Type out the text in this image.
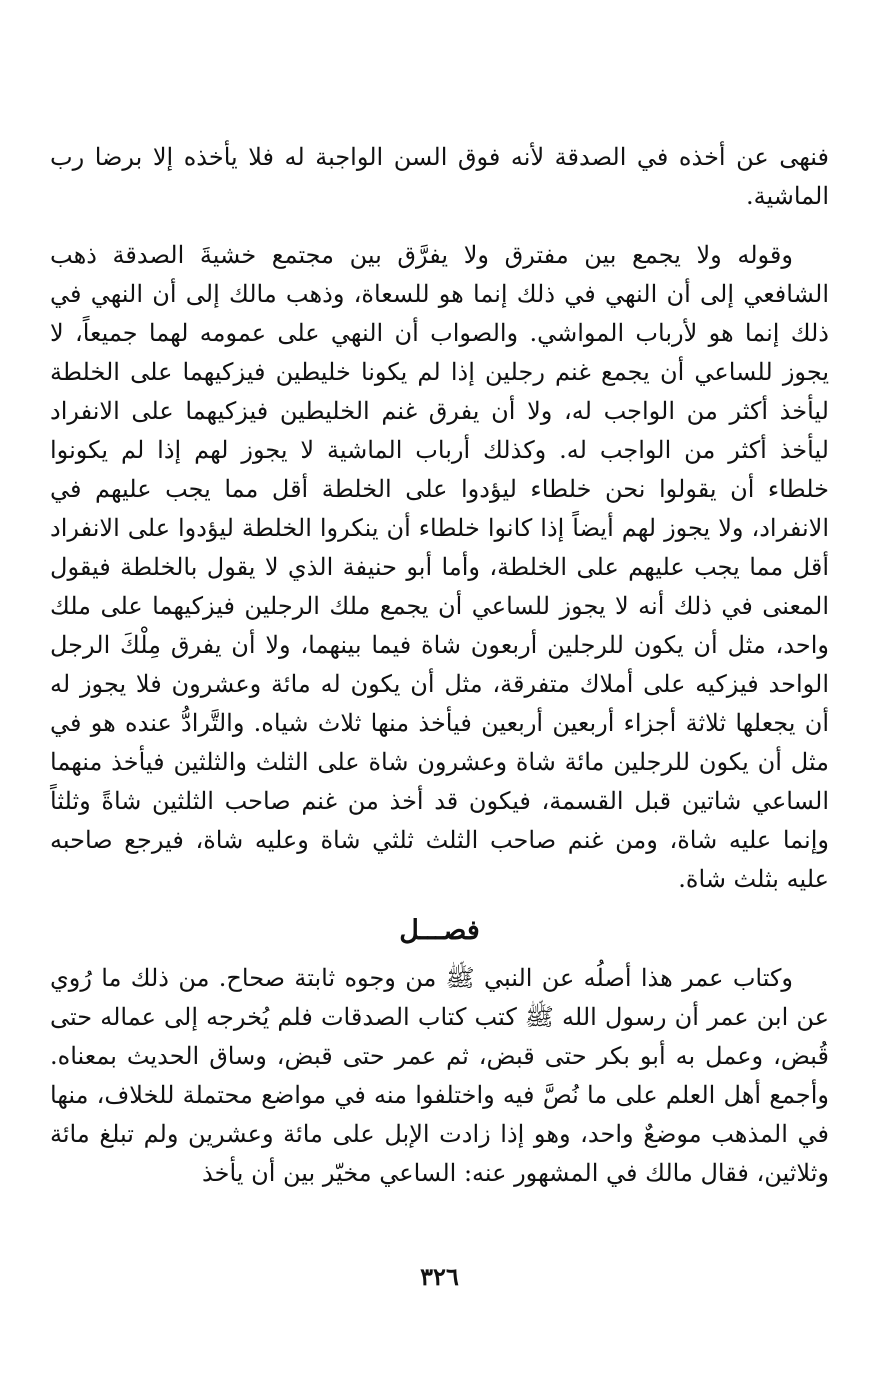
فنهى عن أخذه في الصدقة لأنه فوق السن الواجبة له فلا يأخذه إلا برضا رب الماشية.

وقوله ولا يجمع بين مفترق ولا يفرَّق بين مجتمع خشيةَ الصدقة ذهب الشافعي إلى أن النهي في ذلك إنما هو للسعاة، وذهب مالك إلى أن النهي في ذلك إنما هو لأرباب المواشي. والصواب أن النهي على عمومه لهما جميعاً، لا يجوز للساعي أن يجمع غنم رجلين إذا لم يكونا خليطين فيزكيهما على الخلطة ليأخذ أكثر من الواجب له، ولا أن يفرق غنم الخليطين فيزكيهما على الانفراد ليأخذ أكثر من الواجب له. وكذلك أرباب الماشية لا يجوز لهم إذا لم يكونوا خلطاء أن يقولوا نحن خلطاء ليؤدوا على الخلطة أقل مما يجب عليهم في الانفراد، ولا يجوز لهم أيضاً إذا كانوا خلطاء أن ينكروا الخلطة ليؤدوا على الانفراد أقل مما يجب عليهم على الخلطة، وأما أبو حنيفة الذي لا يقول بالخلطة فيقول المعنى في ذلك أنه لا يجوز للساعي أن يجمع ملك الرجلين فيزكيهما على ملك واحد، مثل أن يكون للرجلين أربعون شاة فيما بينهما، ولا أن يفرق مِلْكَ الرجل الواحد فيزكيه على أملاك متفرقة، مثل أن يكون له مائة وعشرون فلا يجوز له أن يجعلها ثلاثة أجزاء أربعين أربعين فيأخذ منها ثلاث شياه. والتَّرادُّ عنده هو في مثل أن يكون للرجلين مائة شاة وعشرون شاة على الثلث والثلثين فيأخذ منهما الساعي شاتين قبل القسمة، فيكون قد أخذ من غنم صاحب الثلثين شاةً وثلثاً وإنما عليه شاة، ومن غنم صاحب الثلث ثلثي شاة وعليه شاة، فيرجع صاحبه عليه بثلث شاة.

فصـــل

وكتاب عمر هذا أصلُه عن النبي ﷺ من وجوه ثابتة صحاح. من ذلك ما رُوي عن ابن عمر أن رسول الله ﷺ كتب كتاب الصدقات فلم يُخرجه إلى عماله حتى قُبض، وعمل به أبو بكر حتى قبض، ثم عمر حتى قبض، وساق الحديث بمعناه. وأجمع أهل العلم على ما نُصَّ فيه واختلفوا منه في مواضع محتملة للخلاف، منها في المذهب موضعٌ واحد، وهو إذا زادت الإبل على مائة وعشرين ولم تبلغ مائة وثلاثين، فقال مالك في المشهور عنه: الساعي مخيّر بين أن يأخذ

٣٢٦
